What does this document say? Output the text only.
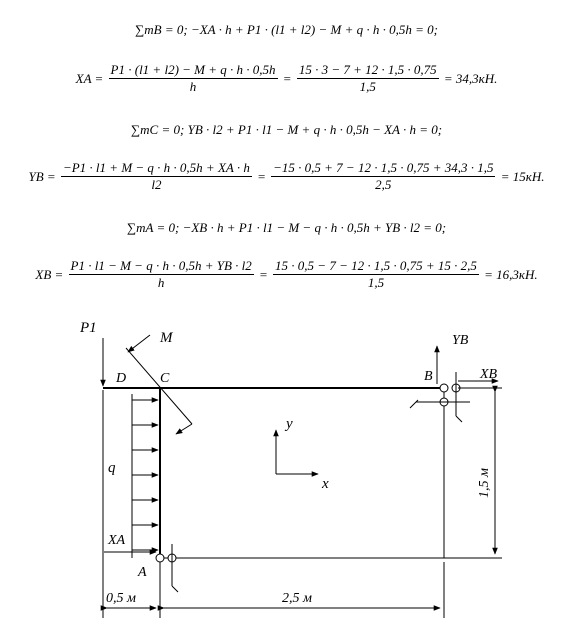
∑mB = 0; −XA · h + P1 · (l1 + l2) − M + q · h · 0,5h = 0;
XA = $\frac{P1 \cdot (l1 + l2) - M + q \cdot h \cdot 0,5h}{h} = \frac{15 \cdot 3 - 7 + 12 \cdot 1,5 \cdot 0,75}{1,5} = 34,3кН$.
∑mC = 0; YB · l2 + P1 · l1 − M + q · h · 0,5h − XA · h = 0;
YB = $\frac{-P1 \cdot l1 + M - q \cdot h \cdot 0,5h + XA \cdot h}{l2} = \frac{-15 \cdot 0,5 + 7 - 12 \cdot 1,5 \cdot 0,75 + 34,3 \cdot 1,5}{2,5} = 15кН$.
∑mA = 0; −XB · h + P1 · l1 − M − q · h · 0,5h + YB · l2 = 0;
XB = $\frac{P1 \cdot l1 - M - q \cdot h \cdot 0,5h + YB \cdot l2}{h} = \frac{15 \cdot 0,5 - 7 - 12 \cdot 1,5 \cdot 0,75 + 15 \cdot 2,5}{1,5} = 16,3кН$.
q
P1
M
D C	B
YB
XB
y
x
XA
A
1,5 м
0,5 м	2,5 м
